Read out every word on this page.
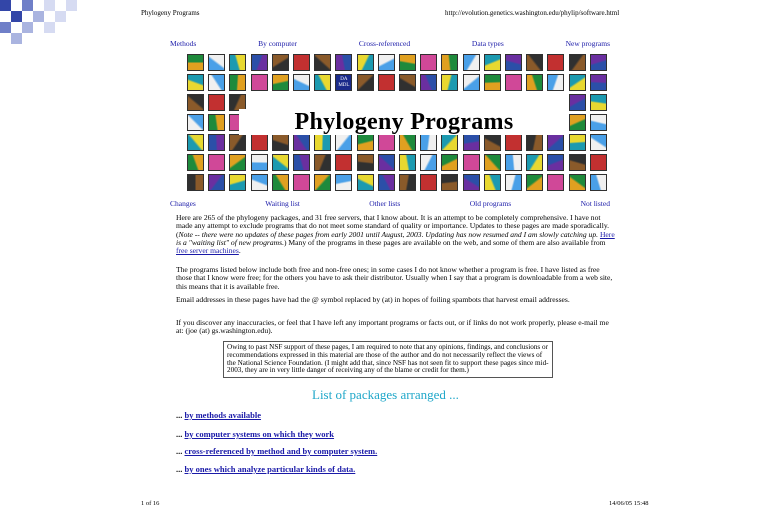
Phylogeny Programs	http://evolution.genetics.washington.edu/phylip/software.html
Methods	By computer	Cross-referenced	Data types	New programs
DA
MDL
Phylogeny Programs
Changes	Waiting list	Other lists	Old programs	Not listed
Here are 265 of the phylogeny packages, and 31 free servers, that I know about. It is an attempt to be completely comprehensive. I have not made any attempt to exclude programs that do not meet some standard of quality or importance. Updates to these pages are made sporadically. (Note -- there were no updates of these pages from early 2001 until August, 2003. Updating has now resumed and I am slowly catching up. Here is a "waiting list" of new programs.) Many of the programs in these pages are available on the web, and some of them are also available from free server machines.
The programs listed below include both free and non-free ones; in some cases I do not know whether a program is free. I have listed as free those that I know were free; for the others you have to ask their distributor. Usually when I say that a program is downloadable from a web site, this means that it is available free.
Email addresses in these pages have had the @ symbol replaced by (at) in hopes of foiling spambots that harvest email addresses.
If you discover any inaccuracies, or feel that I have left any important programs or facts out, or if links do not work properly, please e-mail me at: (joe (at) gs.washington.edu).
Owing to past NSF support of these pages, I am required to note that any opinions, findings, and conclusions or recommendations expressed in this material are those of the author and do not necessarily reflect the views of the National Science Foundation. (I might add that, since NSF has not seen fit to support these pages since mid-2003, they are in very little danger of receiving any of the blame or credit for them.)
List of packages arranged ...
... by methods available
... by computer systems on which they work
... cross-referenced by method and by computer system.
... by ones which analyze particular kinds of data.
1 of 16	14/06/05 15:48
